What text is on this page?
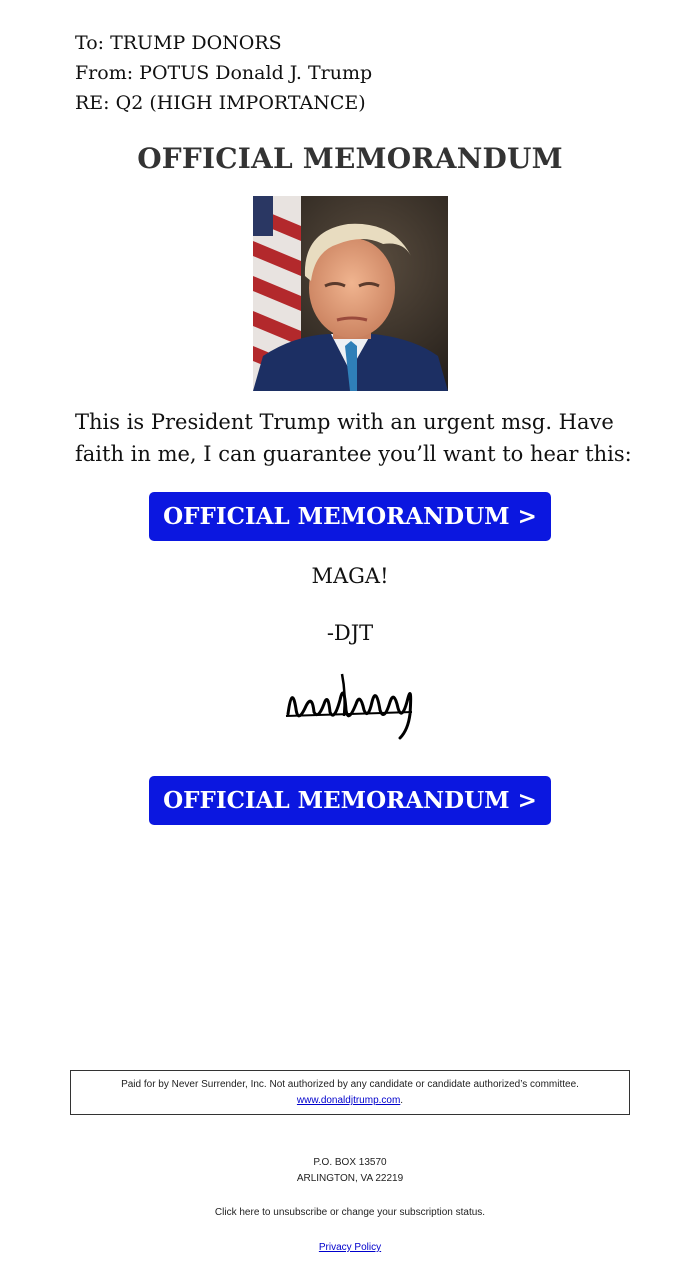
To: TRUMP DONORS
From: POTUS Donald J. Trump
RE: Q2 (HIGH IMPORTANCE)
OFFICIAL MEMORANDUM
This is President Trump with an urgent msg. Have faith in me, I can guarantee you’ll want to hear this:
OFFICIAL MEMORANDUM >
MAGA!
-DJT
OFFICIAL MEMORANDUM >
Paid for by Never Surrender, Inc. Not authorized by any candidate or candidate authorized’s committee.
www.donaldjtrump.com.
P.O. BOX 13570
ARLINGTON, VA 22219
Click here to unsubscribe or change your subscription status.
Privacy Policy
